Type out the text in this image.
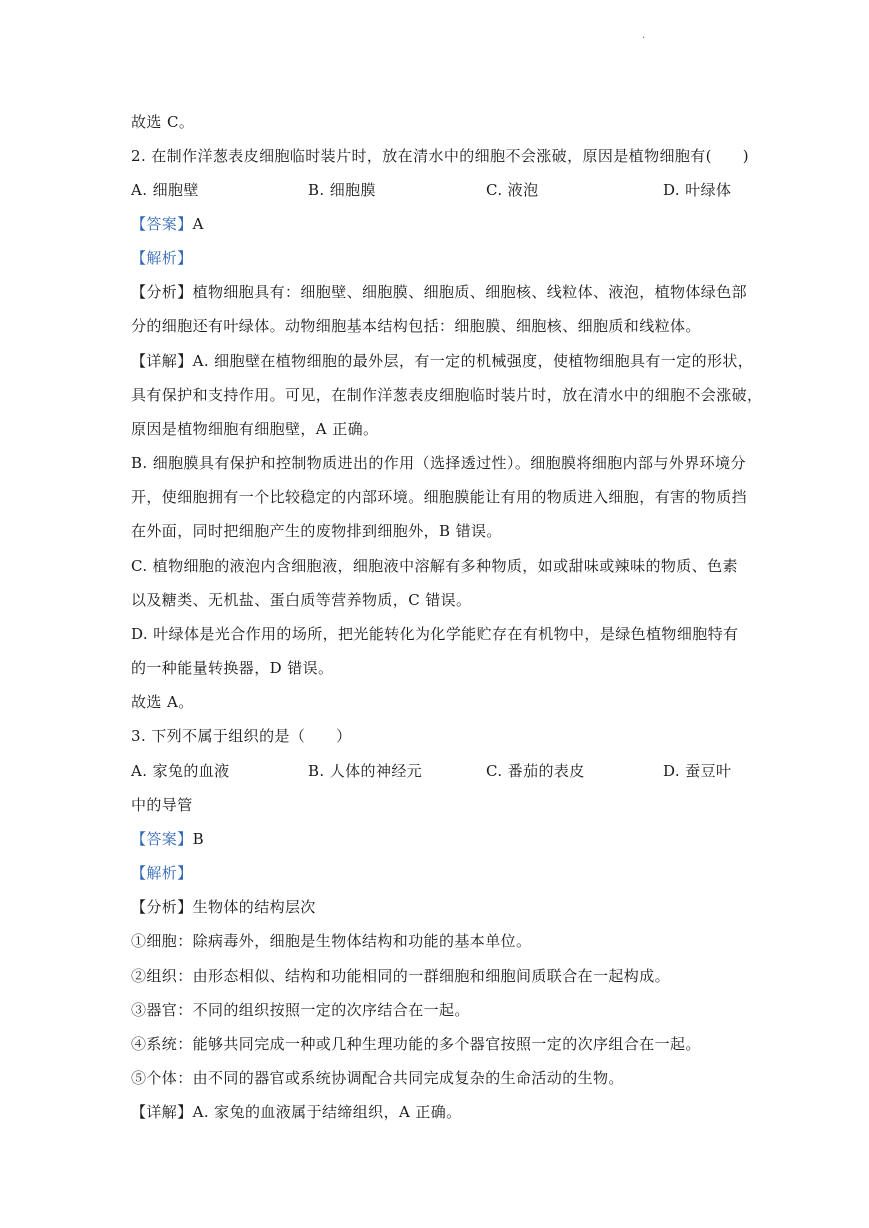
.
故选 C。
2. 在制作洋葱表皮细胞临时装片时，放在清水中的细胞不会涨破，原因是植物细胞有(　　)
A. 细胞壁	B. 细胞膜	C. 液泡	D. 叶绿体
【答案】A
【解析】
【分析】植物细胞具有：细胞壁、细胞膜、细胞质、细胞核、线粒体、液泡，植物体绿色部
分的细胞还有叶绿体。动物细胞基本结构包括：细胞膜、细胞核、细胞质和线粒体。
【详解】A. 细胞壁在植物细胞的最外层，有一定的机械强度，使植物细胞具有一定的形状，
具有保护和支持作用。可见，在制作洋葱表皮细胞临时装片时，放在清水中的细胞不会涨破，
原因是植物细胞有细胞壁，A 正确。
B. 细胞膜具有保护和控制物质进出的作用（选择透过性）。细胞膜将细胞内部与外界环境分
开，使细胞拥有一个比较稳定的内部环境。细胞膜能让有用的物质进入细胞，有害的物质挡
在外面，同时把细胞产生的废物排到细胞外，B 错误。
C. 植物细胞的液泡内含细胞液，细胞液中溶解有多种物质，如或甜味或辣味的物质、色素
以及糖类、无机盐、蛋白质等营养物质，C 错误。
D. 叶绿体是光合作用的场所，把光能转化为化学能贮存在有机物中，是绿色植物细胞特有
的一种能量转换器，D 错误。
故选 A。
3. 下列不属于组织的是（　　）
A. 家兔的血液	B. 人体的神经元	C. 番茄的表皮	D. 蚕豆叶
中的导管
【答案】B
【解析】
【分析】生物体的结构层次
①细胞：除病毒外，细胞是生物体结构和功能的基本单位。
②组织：由形态相似、结构和功能相同的一群细胞和细胞间质联合在一起构成。
③器官：不同的组织按照一定的次序结合在一起。
④系统：能够共同完成一种或几种生理功能的多个器官按照一定的次序组合在一起。
⑤个体：由不同的器官或系统协调配合共同完成复杂的生命活动的生物。
【详解】A. 家兔的血液属于结缔组织，A 正确。
